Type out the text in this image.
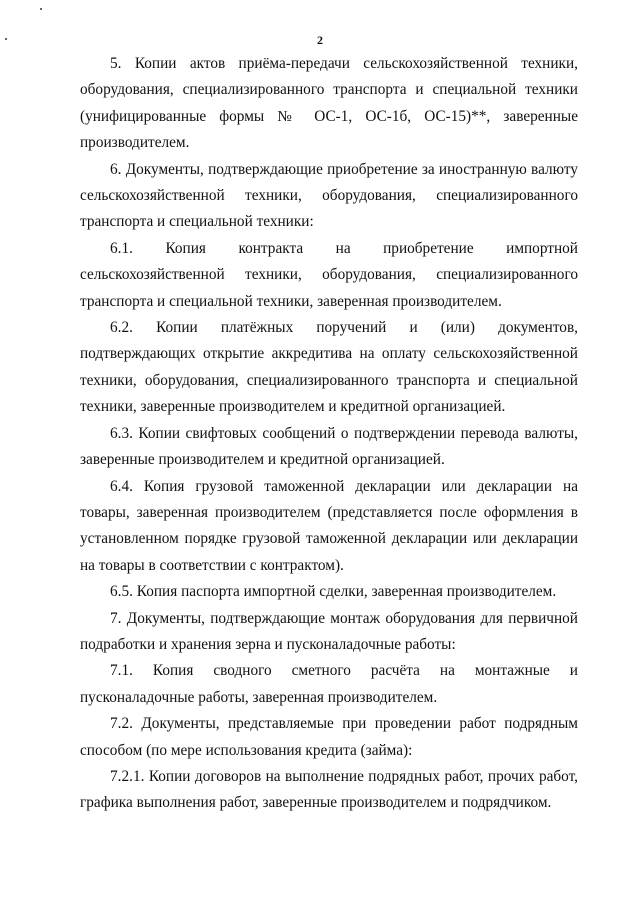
2

5. Копии актов приёма-передачи сельскохозяйственной техники, оборудования, специализированного транспорта и специальной техники (унифицированные формы № ОС-1, ОС-1б, ОС-15)**, заверенные производителем.

6. Документы, подтверждающие приобретение за иностранную валюту сельскохозяйственной техники, оборудования, специализированного транспорта и специальной техники:

6.1. Копия контракта на приобретение импортной сельскохозяйственной техники, оборудования, специализированного транспорта и специальной техники, заверенная производителем.

6.2. Копии платёжных поручений и (или) документов, подтверждающих открытие аккредитива на оплату сельскохозяйственной техники, оборудования, специализированного транспорта и специальной техники, заверенные производителем и кредитной организацией.

6.3. Копии свифтовых сообщений о подтверждении перевода валюты, заверенные производителем и кредитной организацией.

6.4. Копия грузовой таможенной декларации или декларации на товары, заверенная производителем (представляется после оформления в установленном порядке грузовой таможенной декларации или декларации на товары в соответствии с контрактом).

6.5. Копия паспорта импортной сделки, заверенная производителем.

7. Документы, подтверждающие монтаж оборудования для первичной подработки и хранения зерна и пусконаладочные работы:

7.1. Копия сводного сметного расчёта на монтажные и пусконаладочные работы, заверенная производителем.

7.2. Документы, представляемые при проведении работ подрядным способом (по мере использования кредита (займа):

7.2.1. Копии договоров на выполнение подрядных работ, прочих работ, графика выполнения работ, заверенные производителем и подрядчиком.
